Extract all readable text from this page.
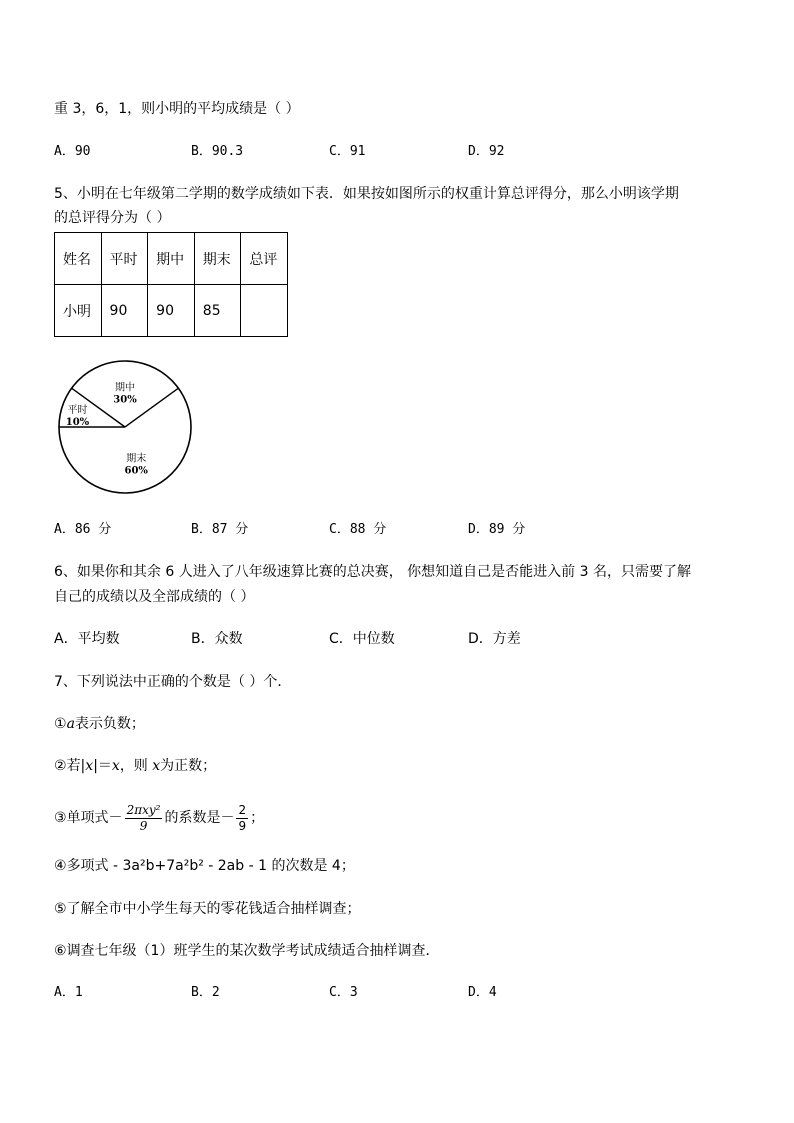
重 3，6，1，则小明的平均成绩是（ ）
A．90	B．90.3	C．91	D．92
5、小明在七年级第二学期的数学成绩如下表．如果按如图所示的权重计算总评得分，那么小明该学期
的总评得分为（ ）
姓名	平时	期中	期末	总评
小明	90	90	85	
平时
10%
期中
30%
期末
60%
A．86 分	B．87 分	C．88 分	D．89 分
6、如果你和其余 6 人进入了八年级速算比赛的总决赛， 你想知道自己是否能进入前 3 名，只需要了解
自己的成绩以及全部成绩的（ ）
A．平均数	B．众数	C．中位数	D．方差
7、下列说法中正确的个数是（ ）个．
①a表示负数；
②若|x|＝x，则 x为正数；
③单项式－ $\frac{\text{2πxy²}}{9}$ 的系数是－ $\frac{2}{9}$ ；
④多项式 - 3a²b+7a²b² - 2ab - 1 的次数是 4；
⑤了解全市中小学生每天的零花钱适合抽样调查；
⑥调查七年级（1）班学生的某次数学考试成绩适合抽样调查．
A．1	B．2	C．3	D．4
